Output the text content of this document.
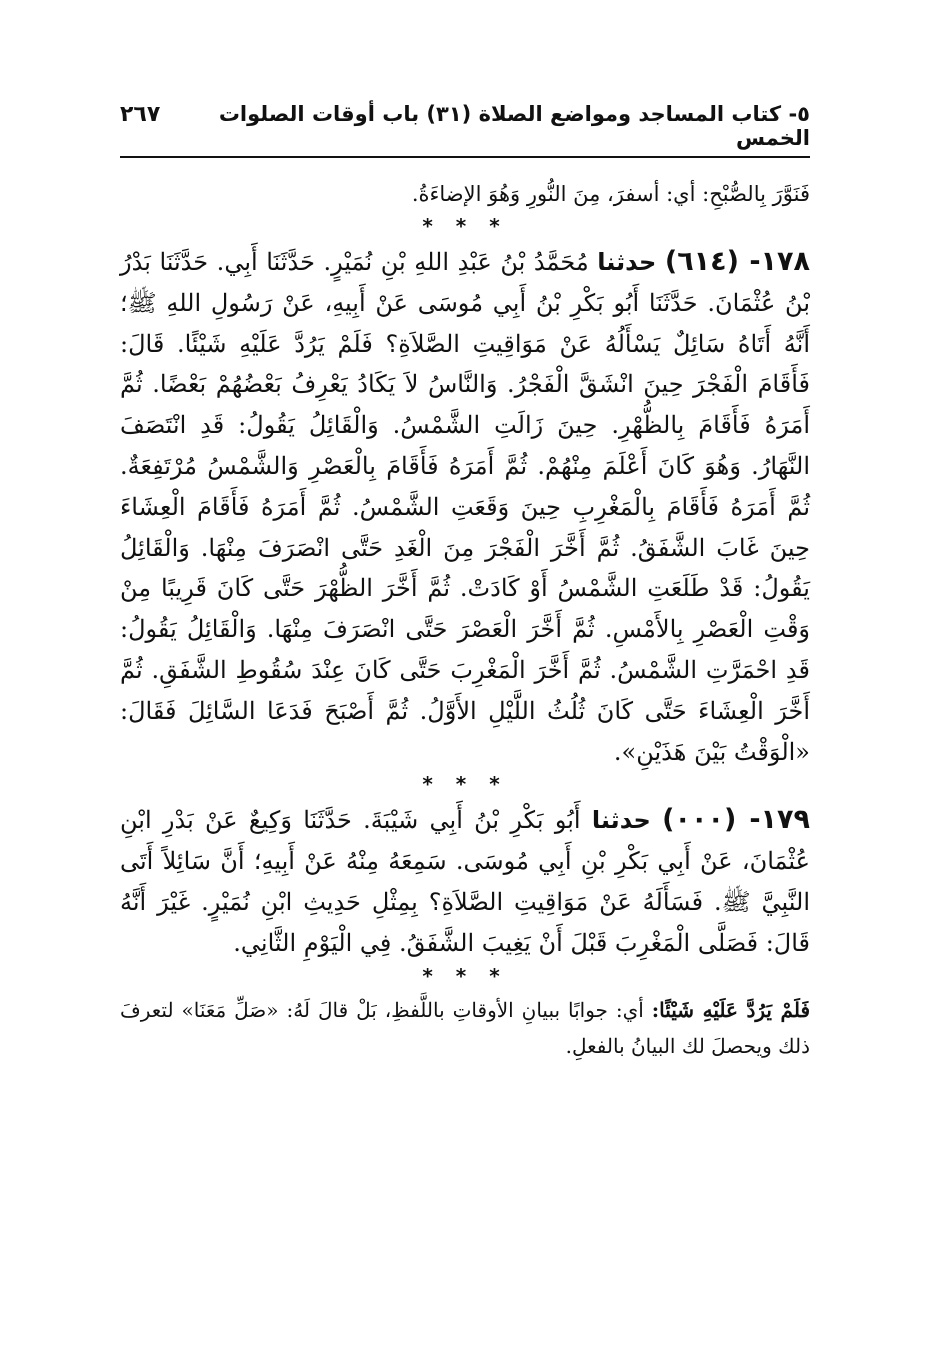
٥- كتاب المساجد ومواضع الصلاة (٣١) باب أوقات الصلوات الخمس
٢٦٧

فَنَوَّرَ بِالصُّبْحِ: أي: أسفرَ، مِنَ النُّورِ وَهُوَ الإضاءَةُ.

* * *

١٧٨- (٦١٤) حدثنا مُحَمَّدُ بْنُ عَبْدِ اللهِ بْنِ نُمَيْرٍ. حَدَّثَنَا أَبِي. حَدَّثَنَا بَدْرُ بْنُ عُثْمَانَ. حَدَّثَنَا أَبُو بَكْرِ بْنُ أَبِي مُوسَى عَنْ أَبِيهِ، عَنْ رَسُولِ اللهِ ﷺ؛ أَنَّهُ أَتَاهُ سَائِلٌ يَسْأَلُهُ عَنْ مَوَاقِيتِ الصَّلاَةِ؟ فَلَمْ يَرُدَّ عَلَيْهِ شَيْئًا. قَالَ: فَأَقَامَ الْفَجْرَ حِينَ انْشَقَّ الْفَجْرُ. وَالنَّاسُ لاَ يَكَادُ يَعْرِفُ بَعْضُهُمْ بَعْضًا. ثُمَّ أَمَرَهُ فَأَقَامَ بِالظُّهْرِ. حِينَ زَالَتِ الشَّمْسُ. وَالْقَائِلُ يَقُولُ: قَدِ انْتَصَفَ النَّهَارُ. وَهُوَ كَانَ أَعْلَمَ مِنْهُمْ. ثُمَّ أَمَرَهُ فَأَقَامَ بِالْعَصْرِ وَالشَّمْسُ مُرْتَفِعَةٌ. ثُمَّ أَمَرَهُ فَأَقَامَ بِالْمَغْرِبِ حِينَ وَقَعَتِ الشَّمْسُ. ثُمَّ أَمَرَهُ فَأَقَامَ الْعِشَاءَ حِينَ غَابَ الشَّفَقُ. ثُمَّ أَخَّرَ الْفَجْرَ مِنَ الْغَدِ حَتَّى انْصَرَفَ مِنْهَا. وَالْقَائِلُ يَقُولُ: قَدْ طَلَعَتِ الشَّمْسُ أَوْ كَادَتْ. ثُمَّ أَخَّرَ الظُّهْرَ حَتَّى كَانَ قَرِيبًا مِنْ وَقْتِ الْعَصْرِ بِالأَمْسِ. ثُمَّ أَخَّرَ الْعَصْرَ حَتَّى انْصَرَفَ مِنْهَا. وَالْقَائِلُ يَقُولُ: قَدِ احْمَرَّتِ الشَّمْسُ. ثُمَّ أَخَّرَ الْمَغْرِبَ حَتَّى كَانَ عِنْدَ سُقُوطِ الشَّفَقِ. ثُمَّ أَخَّرَ الْعِشَاءَ حَتَّى كَانَ ثُلُثُ اللَّيْلِ الأَوَّلُ. ثُمَّ أَصْبَحَ فَدَعَا السَّائِلَ فَقَالَ: «الْوَقْتُ بَيْنَ هَذَيْنِ».

* * *

١٧٩- (٠٠٠) حدثنا أَبُو بَكْرِ بْنُ أَبِي شَيْبَةَ. حَدَّثَنَا وَكِيعٌ عَنْ بَدْرِ ابْنِ عُثْمَانَ، عَنْ أَبِي بَكْرِ بْنِ أَبِي مُوسَى. سَمِعَهُ مِنْهُ عَنْ أَبِيهِ؛ أَنَّ سَائِلاً أَتَى النَّبِيَّ ﷺ. فَسَأَلَهُ عَنْ مَوَاقِيتِ الصَّلاَةِ؟ بِمِثْلِ حَدِيثِ ابْنِ نُمَيْرٍ. غَيْرَ أَنَّهُ قَالَ: فَصَلَّى الْمَغْرِبَ قَبْلَ أَنْ يَغِيبَ الشَّفَقُ. فِي الْيَوْمِ الثَّانِي.

* * *

فَلَمْ يَرُدَّ عَلَيْهِ شَيْئًا: أي: جوابًا ببيانِ الأوقاتِ باللَّفظِ، بَلْ قالَ لَهُ: «صَلِّ مَعَنَا» لتعرفَ ذلك ويحصلَ لك البيانُ بالفعلِ.
